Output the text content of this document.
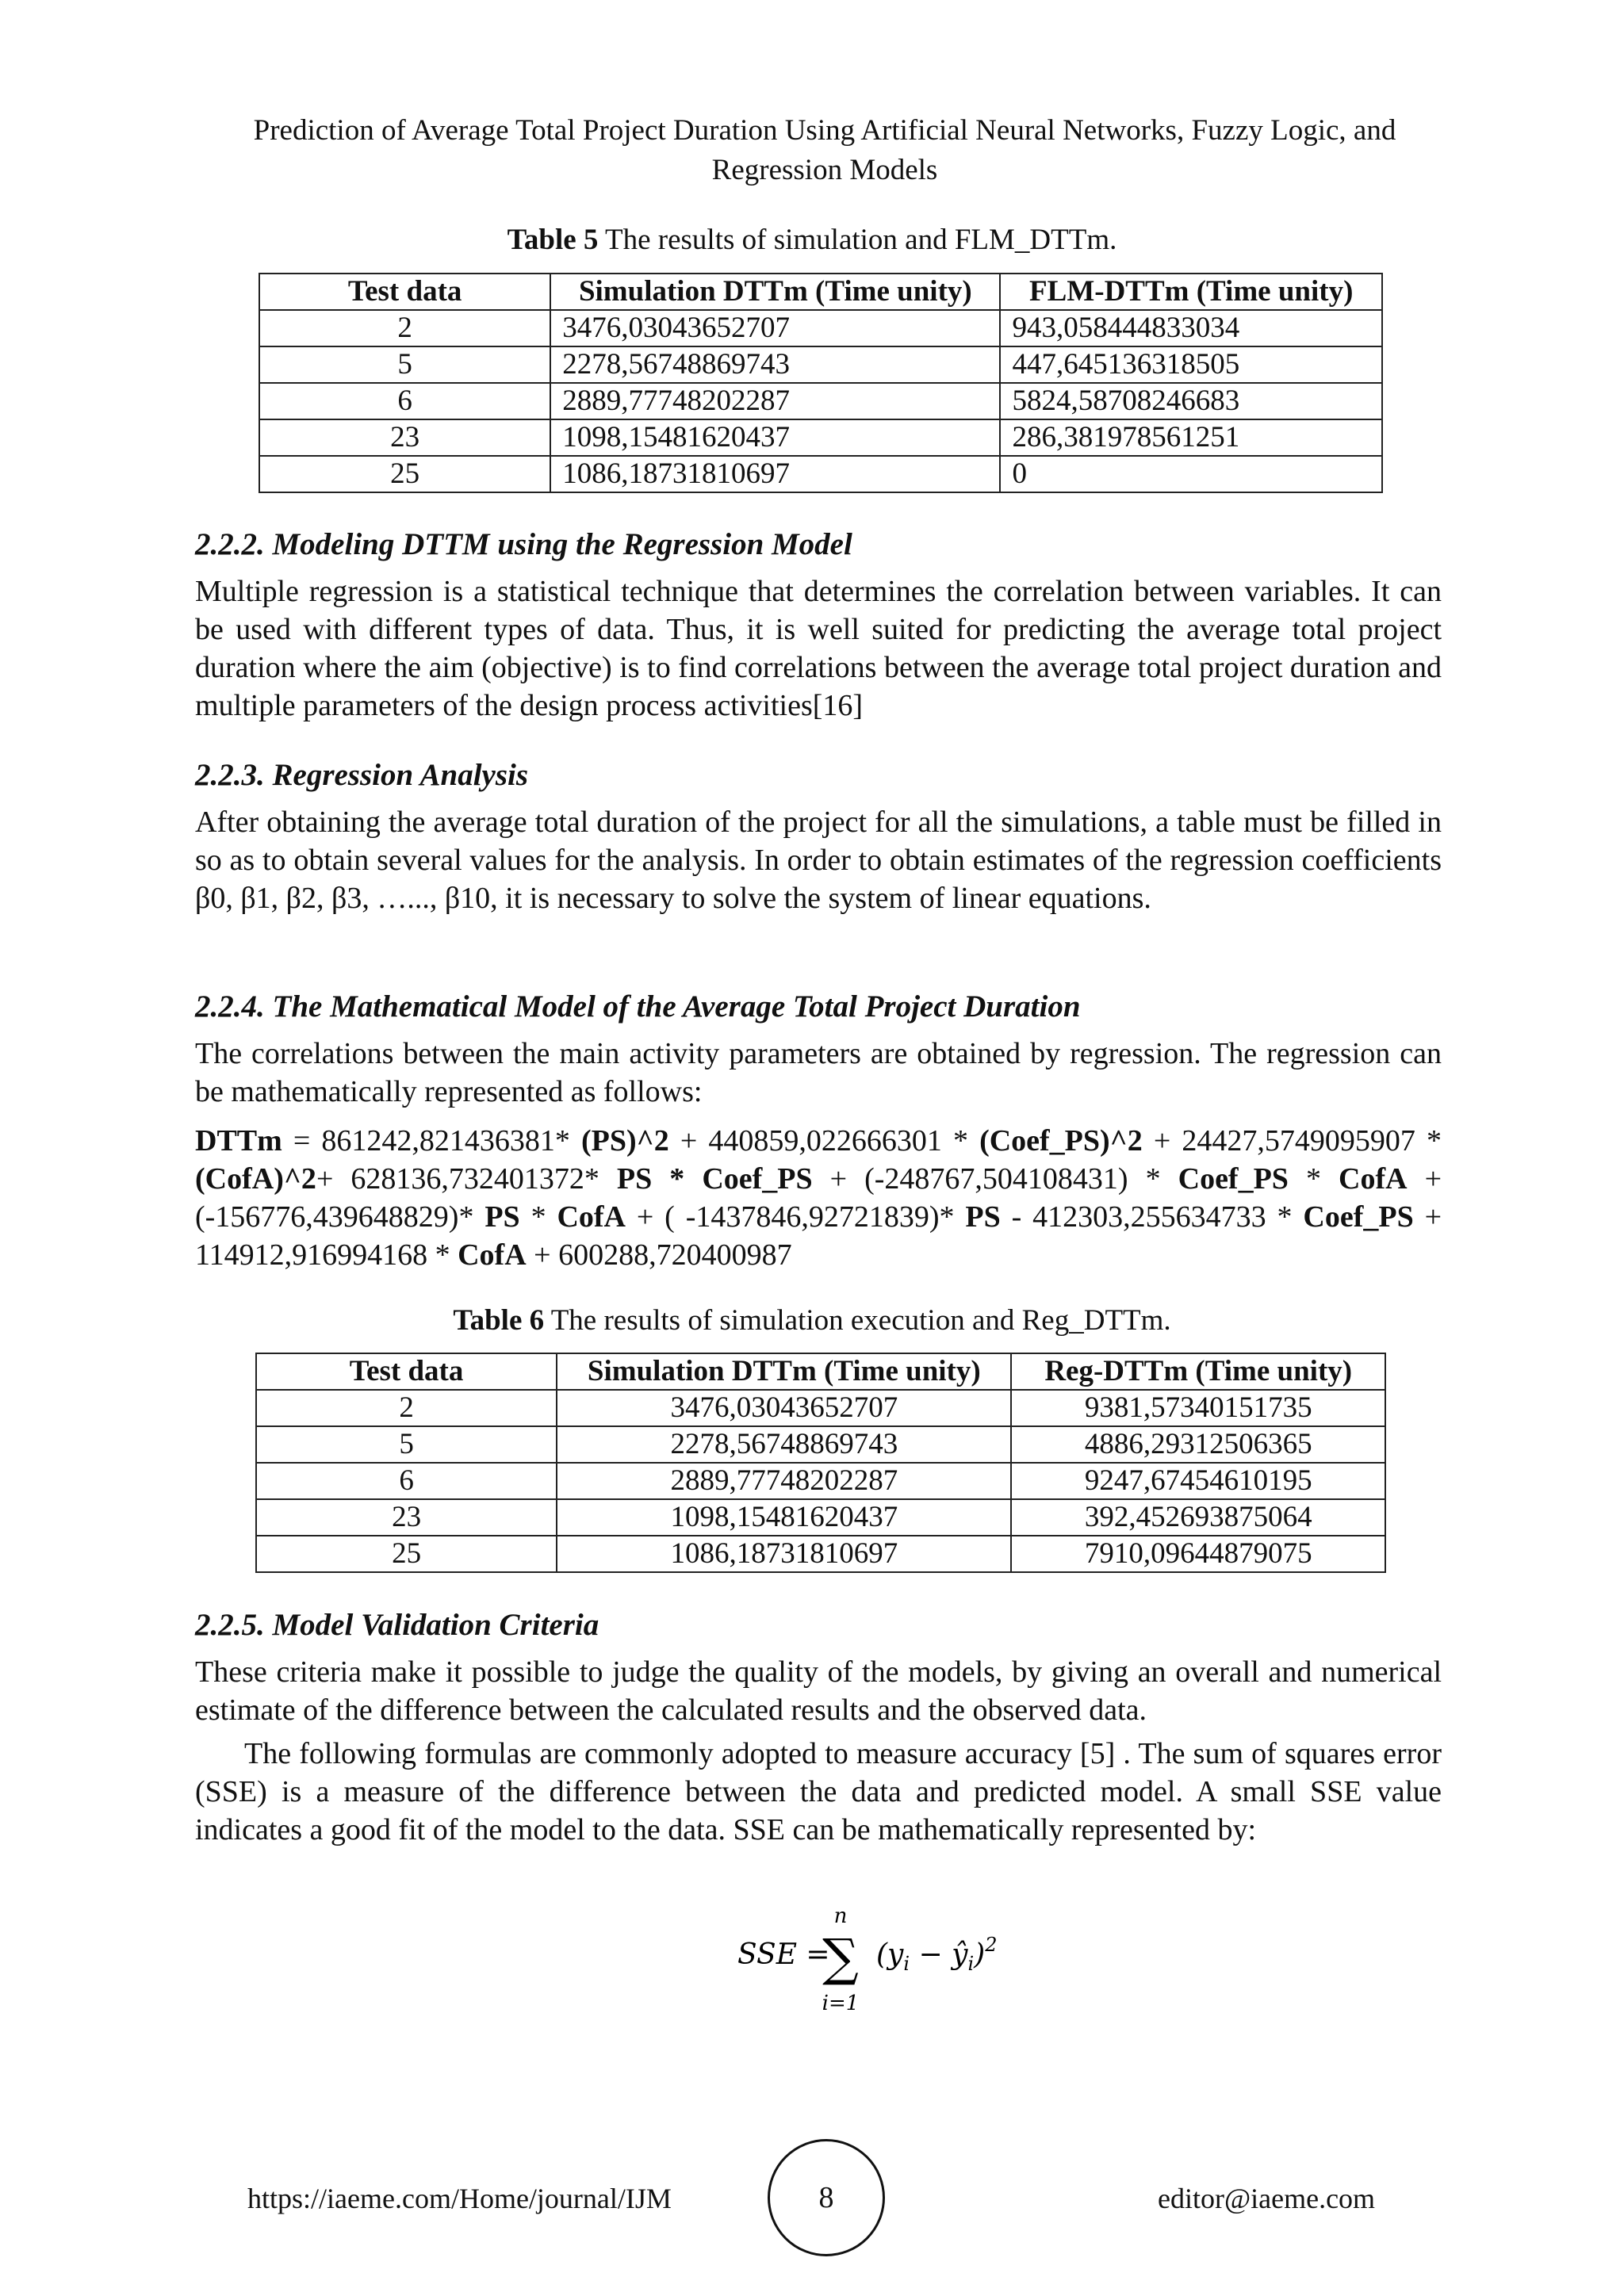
Prediction of Average Total Project Duration Using Artificial Neural Networks, Fuzzy Logic, and Regression Models
Table 5 The results of simulation and FLM_DTTm.
Test data	Simulation DTTm (Time unity)	FLM-DTTm (Time unity)
2	3476,03043652707	943,058444833034
5	2278,56748869743	447,645136318505
6	2889,77748202287	5824,58708246683
23	1098,15481620437	286,381978561251
25	1086,18731810697	0
2.2.2. Modeling DTTM using the Regression Model
Multiple regression is a statistical technique that determines the correlation between variables. It can be used with different types of data. Thus, it is well suited for predicting the average total project duration where the aim (objective) is to find correlations between the average total project duration and multiple parameters of the design process activities[16]
2.2.3. Regression Analysis
After obtaining the average total duration of the project for all the simulations, a table must be filled in so as to obtain several values for the analysis. In order to obtain estimates of the regression coefficients β0, β1, β2, β3, …..., β10, it is necessary to solve the system of linear equations.
2.2.4. The Mathematical Model of the Average Total Project Duration
The correlations between the main activity parameters are obtained by regression. The regression can be mathematically represented as follows:
DTTm = 861242,821436381* (PS)^2 + 440859,022666301 * (Coef_PS)^2 + 24427,5749095907 * (CofA)^2+ 628136,732401372* PS * Coef_PS + (-248767,504108431) * Coef_PS * CofA + (-156776,439648829)* PS * CofA + ( -1437846,92721839)* PS - 412303,255634733 * Coef_PS + 114912,916994168 * CofA + 600288,720400987
Table 6 The results of simulation execution and Reg_DTTm.
Test data	Simulation DTTm (Time unity)	Reg-DTTm (Time unity)
2	3476,03043652707	9381,57340151735
5	2278,56748869743	4886,29312506365
6	2889,77748202287	9247,67454610195
23	1098,15481620437	392,452693875064
25	1086,18731810697	7910,09644879075
2.2.5. Model Validation Criteria
These criteria make it possible to judge the quality of the models, by giving an overall and numerical estimate of the difference between the calculated results and the observed data.
The following formulas are commonly adopted to measure accuracy [5] . The sum of squares error (SSE) is a measure of the difference between the data and predicted model. A small SSE value indicates a good fit of the model to the data. SSE can be mathematically represented by:
SSE =
n
∑
i=1
($y_i$ − $ŷ_i)^2$
https://iaeme.com/Home/journal/IJM	8	editor@iaeme.com
